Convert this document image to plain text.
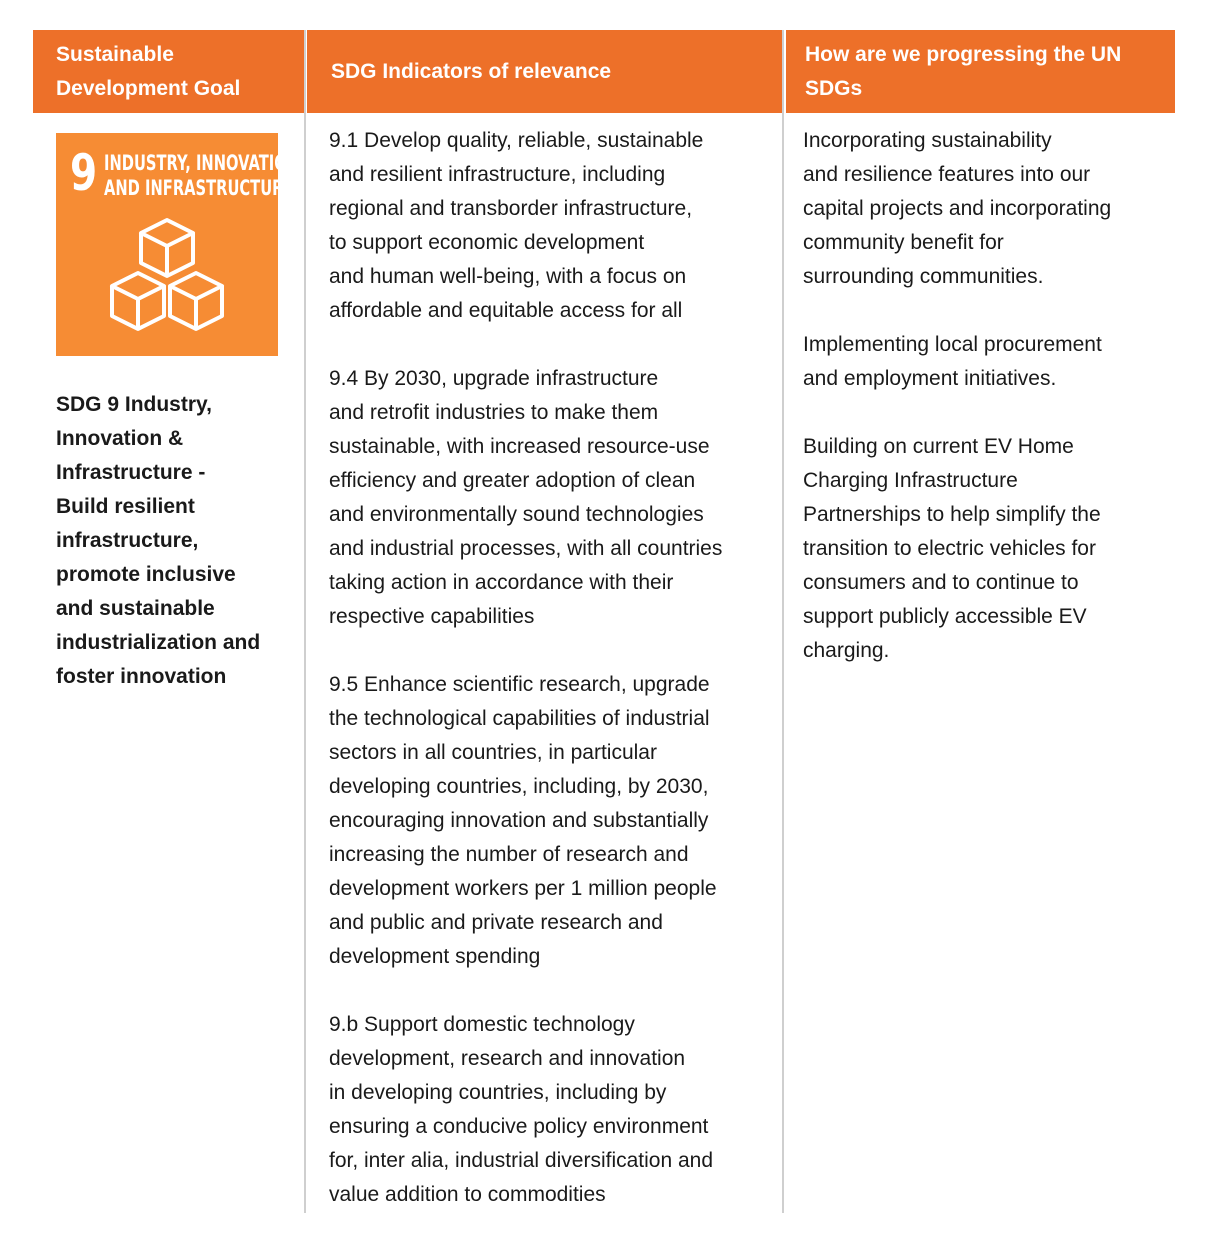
Sustainable
Development Goal
SDG Indicators of relevance
How are we progressing the UN
SDGs
9 INDUSTRY, INNOVATION
AND INFRASTRUCTURE
SDG 9 Industry,
Innovation &
Infrastructure -
Build resilient
infrastructure,
promote inclusive
and sustainable
industrialization and
foster innovation
9.1 Develop quality, reliable, sustainable
and resilient infrastructure, including
regional and transborder infrastructure,
to support economic development
and human well-being, with a focus on
affordable and equitable access for all
9.4 By 2030, upgrade infrastructure
and retrofit industries to make them
sustainable, with increased resource-use
efficiency and greater adoption of clean
and environmentally sound technologies
and industrial processes, with all countries
taking action in accordance with their
respective capabilities
9.5 Enhance scientific research, upgrade
the technological capabilities of industrial
sectors in all countries, in particular
developing countries, including, by 2030,
encouraging innovation and substantially
increasing the number of research and
development workers per 1 million people
and public and private research and
development spending
9.b Support domestic technology
development, research and innovation
in developing countries, including by
ensuring a conducive policy environment
for, inter alia, industrial diversification and
value addition to commodities
Incorporating sustainability
and resilience features into our
capital projects and incorporating
community benefit for
surrounding communities.
Implementing local procurement
and employment initiatives.
Building on current EV Home
Charging Infrastructure
Partnerships to help simplify the
transition to electric vehicles for
consumers and to continue to
support publicly accessible EV
charging.
